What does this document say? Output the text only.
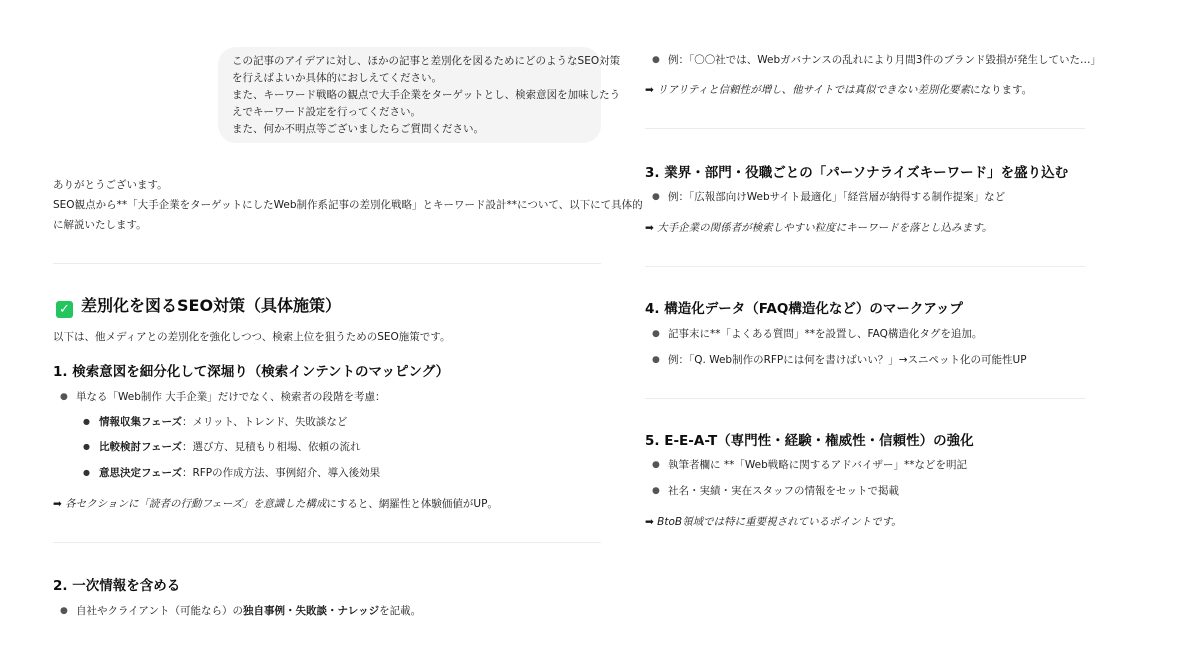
この記事のアイデアに対し、ほかの記事と差別化を図るためにどのようなSEO対策
を行えばよいか具体的におしえてください。
また、キーワード戦略の観点で大手企業をターゲットとし、検索意図を加味したう
えでキーワード設定を行ってください。
また、何か不明点等ございましたらご質問ください。
ありがとうございます。
SEO観点から**「大手企業をターゲットにしたWeb制作系記事の差別化戦略」とキーワード設計**について、以下にて具体的
に解説いたします。
✓ 差別化を図るSEO対策（具体施策）
以下は、他メディアとの差別化を強化しつつ、検索上位を狙うためのSEO施策です。
1. 検索意図を細分化して深堀り（検索インテントのマッピング）
● 単なる「Web制作 大手企業」だけでなく、検索者の段階を考慮：
● 情報収集フェーズ：メリット、トレンド、失敗談など
● 比較検討フェーズ：選び方、見積もり相場、依頼の流れ
● 意思決定フェーズ：RFPの作成方法、事例紹介、導入後効果
➡ 各セクションに「読者の行動フェーズ」を意識した構成にすると、網羅性と体験価値がUP。
2. 一次情報を含める
● 自社やクライアント（可能なら）の独自事例・失敗談・ナレッジを記載。
● 例：「〇〇社では、Webガバナンスの乱れにより月間3件のブランド毀損が発生していた…」
➡ リアリティと信頼性が増し、他サイトでは真似できない差別化要素になります。
3. 業界・部門・役職ごとの「パーソナライズキーワード」を盛り込む
● 例：「広報部向けWebサイト最適化」「経営層が納得する制作提案」など
➡ 大手企業の関係者が検索しやすい粒度にキーワードを落とし込みます。
4. 構造化データ（FAQ構造化など）のマークアップ
● 記事末に**「よくある質問」**を設置し、FAQ構造化タグを追加。
● 例：「Q. Web制作のRFPには何を書けばいい？」→スニペット化の可能性UP
5. E-E-A-T（専門性・経験・権威性・信頼性）の強化
● 執筆者欄に **「Web戦略に関するアドバイザー」**などを明記
● 社名・実績・実在スタッフの情報をセットで掲載
➡ BtoB領域では特に重要視されているポイントです。
